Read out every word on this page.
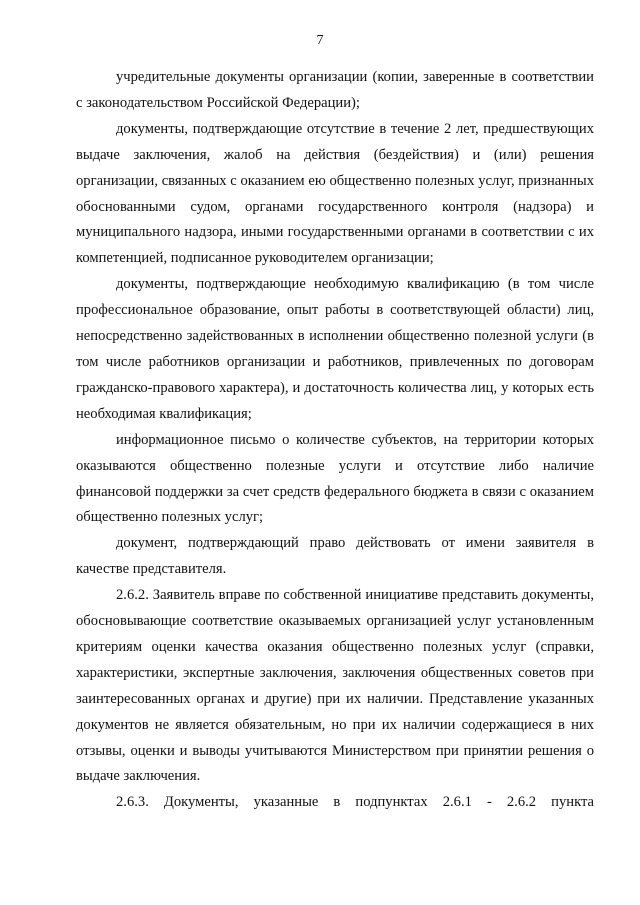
7

учредительные документы организации (копии, заверенные в соответствии с законодательством Российской Федерации);

документы, подтверждающие отсутствие в течение 2 лет, предшествующих выдаче заключения, жалоб на действия (бездействия) и (или) решения организации, связанных с оказанием ею общественно полезных услуг, признанных обоснованными судом, органами государственного контроля (надзора) и муниципального надзора, иными государственными органами в соответствии с их компетенцией, подписанное руководителем организации;

документы, подтверждающие необходимую квалификацию (в том числе профессиональное образование, опыт работы в соответствующей области) лиц, непосредственно задействованных в исполнении общественно полезной услуги (в том числе работников организации и работников, привлеченных по договорам гражданско-правового характера), и достаточность количества лиц, у которых есть необходимая квалификация;

информационное письмо о количестве субъектов, на территории которых оказываются общественно полезные услуги и отсутствие либо наличие финансовой поддержки за счет средств федерального бюджета в связи с оказанием общественно полезных услуг;

документ, подтверждающий право действовать от имени заявителя в качестве представителя.

2.6.2. Заявитель вправе по собственной инициативе представить документы, обосновывающие соответствие оказываемых организацией услуг установленным критериям оценки качества оказания общественно полезных услуг (справки, характеристики, экспертные заключения, заключения общественных советов при заинтересованных органах и другие) при их наличии. Представление указанных документов не является обязательным, но при их наличии содержащиеся в них отзывы, оценки и выводы учитываются Министерством при принятии решения о выдаче заключения.

2.6.3. Документы, указанные в подпунктах 2.6.1 - 2.6.2 пункта
